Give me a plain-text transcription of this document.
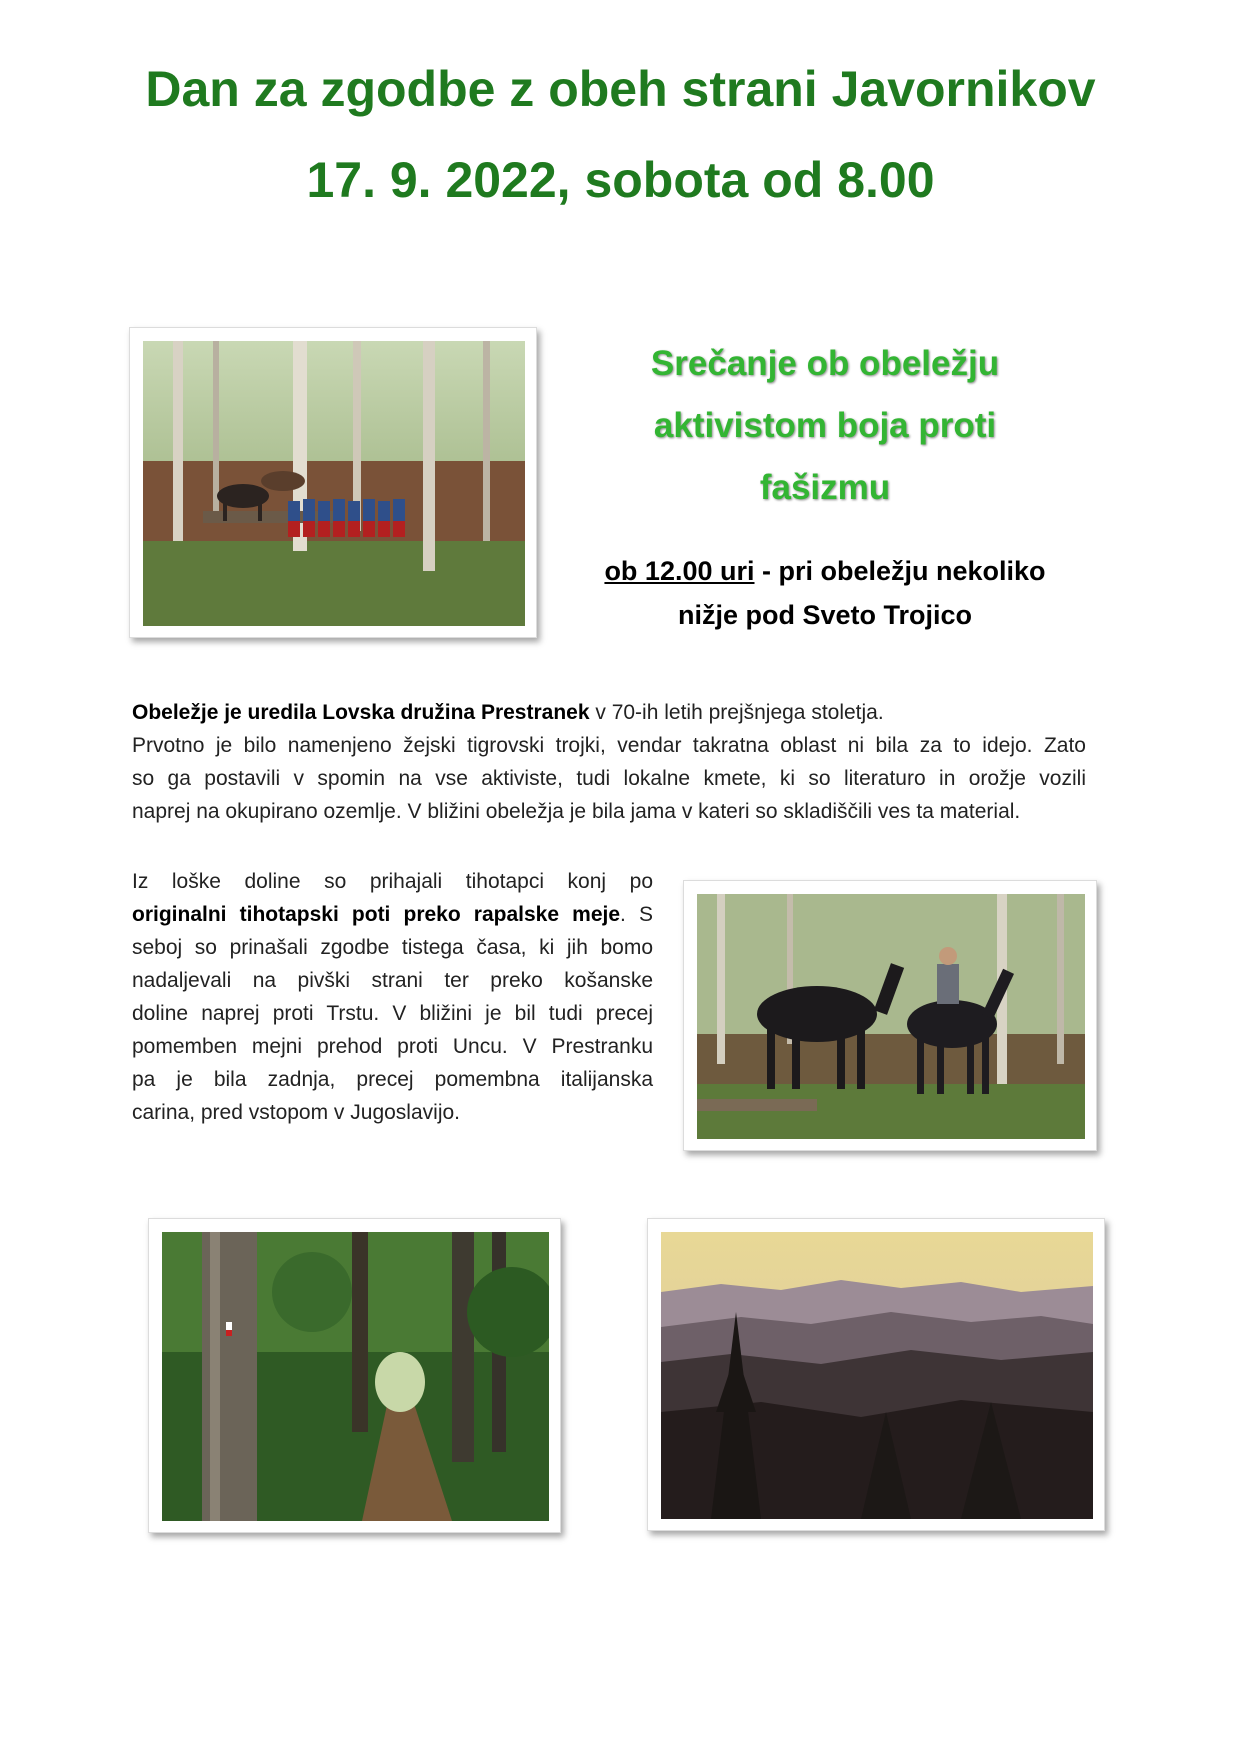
Dan za zgodbe z obeh strani Javornikov
17. 9. 2022, sobota od 8.00
Srečanje ob obeležju
aktivistom boja proti
fašizmu
ob 12.00 uri - pri obeležju nekoliko
nižje pod Sveto Trojico
Obeležje je uredila Lovska družina Prestranek v 70-ih letih prejšnjega stoletja.
Prvotno je bilo namenjeno žejski tigrovski trojki, vendar takratna oblast ni bila za to idejo. Zato
so ga postavili v spomin na vse aktiviste, tudi lokalne kmete, ki so literaturo in orožje vozili
naprej na okupirano ozemlje. V bližini obeležja je bila jama v kateri so skladiščili ves ta material.
Iz loške doline so prihajali tihotapci konj po
originalni tihotapski poti preko rapalske meje. S
seboj so prinašali zgodbe tistega časa, ki jih bomo
nadaljevali na pivški strani ter preko košanske
doline naprej proti Trstu. V bližini je bil tudi precej
pomemben mejni prehod proti Uncu. V Prestranku
pa je bila zadnja, precej pomembna italijanska
carina, pred vstopom v Jugoslavijo.
